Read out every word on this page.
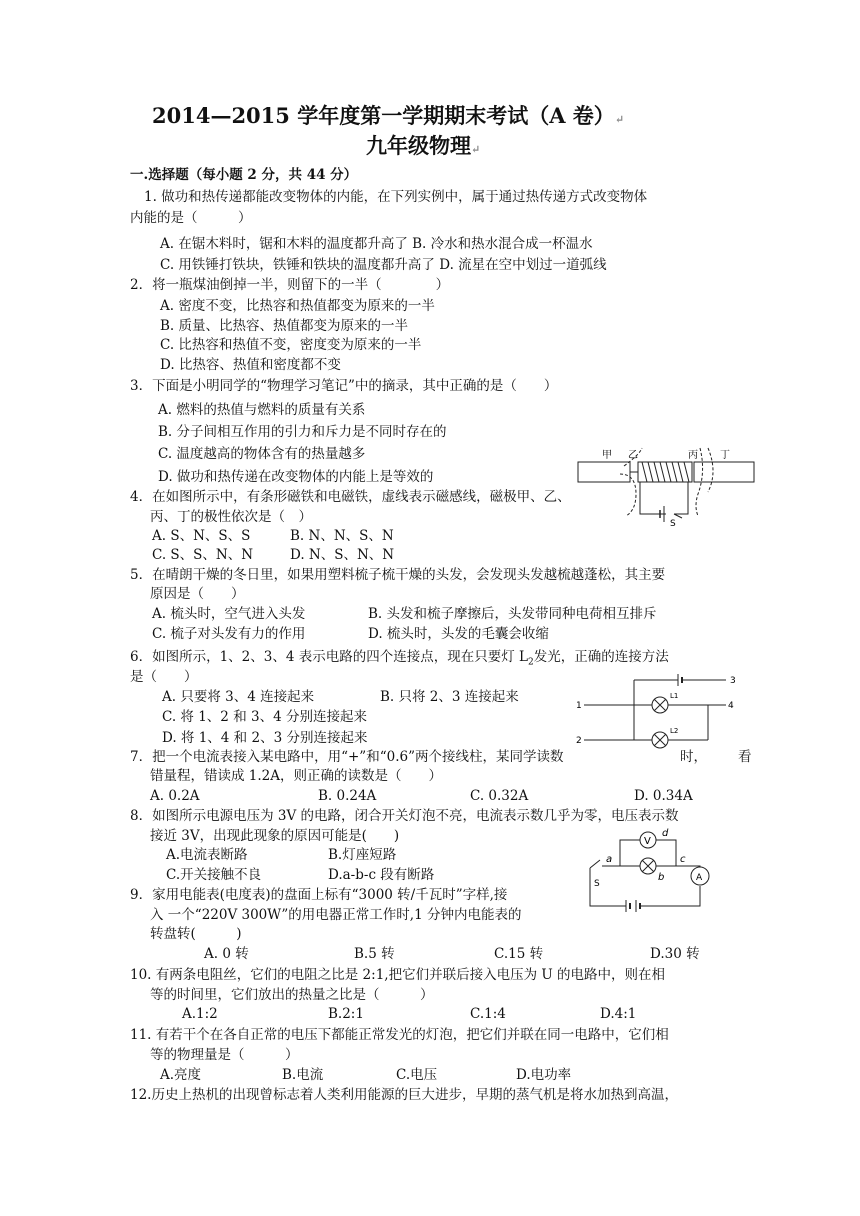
2014—2015 学年度第一学期期末考试（A 卷）↵
九年级物理↵
一.选择题（每小题 2 分，共 44 分）
1. 做功和热传递都能改变物体的内能，在下列实例中，属于通过热传递方式改变物体
内能的是（　　　）
A. 在锯木料时，锯和木料的温度都升高了 B. 冷水和热水混合成一杯温水
C. 用铁锤打铁块，铁锤和铁块的温度都升高了 D. 流星在空中划过一道弧线
2．将一瓶煤油倒掉一半，则留下的一半（　　　　）
A. 密度不变，比热容和热值都变为原来的一半
B. 质量、比热容、热值都变为原来的一半
C. 比热容和热值不变，密度变为原来的一半
D. 比热容、热值和密度都不变
3．下面是小明同学的“物理学习笔记”中的摘录，其中正确的是（　　）
A. 燃料的热值与燃料的质量有关系
B. 分子间相互作用的引力和斥力是不同时存在的
C. 温度越高的物体含有的热量越多
D. 做功和热传递在改变物体的内能上是等效的
甲 乙	丙 丁
S
4．在如图所示中，有条形磁铁和电磁铁，虚线表示磁感线，磁极甲、乙、
丙、丁的极性依次是（　）
A. S、N、S、S	B. N、N、S、N
C. S、S、N、N	D. N、S、N、N
5．在晴朗干燥的冬日里，如果用塑料梳子梳干燥的头发，会发现头发越梳越蓬松，其主要
原因是（　　）
A. 梳头时，空气进入头发	B. 头发和梳子摩擦后，头发带同种电荷相互排斥
C. 梳子对头发有力的作用	D. 梳头时，头发的毛囊会收缩
6．如图所示，1、2、3、4 表示电路的四个连接点，现在只要灯 $L_2$发光，正确的连接方法
是（　　）
A. 只要将 3、4 连接起来	B. 只将 2、3 连接起来
C. 将 1、2 和 3、4 分别连接起来
D. 将 1、4 和 2、3 分别连接起来
3
4
1
2
L1
L2
7．把一个电流表接入某电路中，用“+”和“0.6”两个接线柱，某同学读数	时， 看
错量程，错读成 1.2A，则正确的读数是（　　）
A. 0.2A	B. 0.24A	C. 0.32A	D. 0.34A
8．如图所示电源电压为 3V 的电路，闭合开关灯泡不亮，电流表示数几乎为零，电压表示数
接近 3V，出现此现象的原因可能是(　　)
A.电流表断路	B.灯座短路
C.开关接触不良	D.a-b-c 段有断路
V
A
a
b
c
d
S
9．家用电能表(电度表)的盘面上标有“3000 转/千瓦时”字样,接
入 一个“220V 300W”的用电器正常工作时,1 分钟内电能表的
转盘转(　　　)
A. 0 转	B.5 转	C.15 转	D.30 转
10. 有两条电阻丝，它们的电阻之比是 2:1,把它们并联后接入电压为 U 的电路中，则在相
等的时间里，它们放出的热量之比是（　　　）
A.1:2	B.2:1	C.1:4	D.4:1
11. 有若干个在各自正常的电压下都能正常发光的灯泡，把它们并联在同一电路中，它们相
等的物理量是（　　　）
A.亮度	B.电流	C.电压	D.电功率
12.历史上热机的出现曾标志着人类利用能源的巨大进步，早期的蒸气机是将水加热到高温，
